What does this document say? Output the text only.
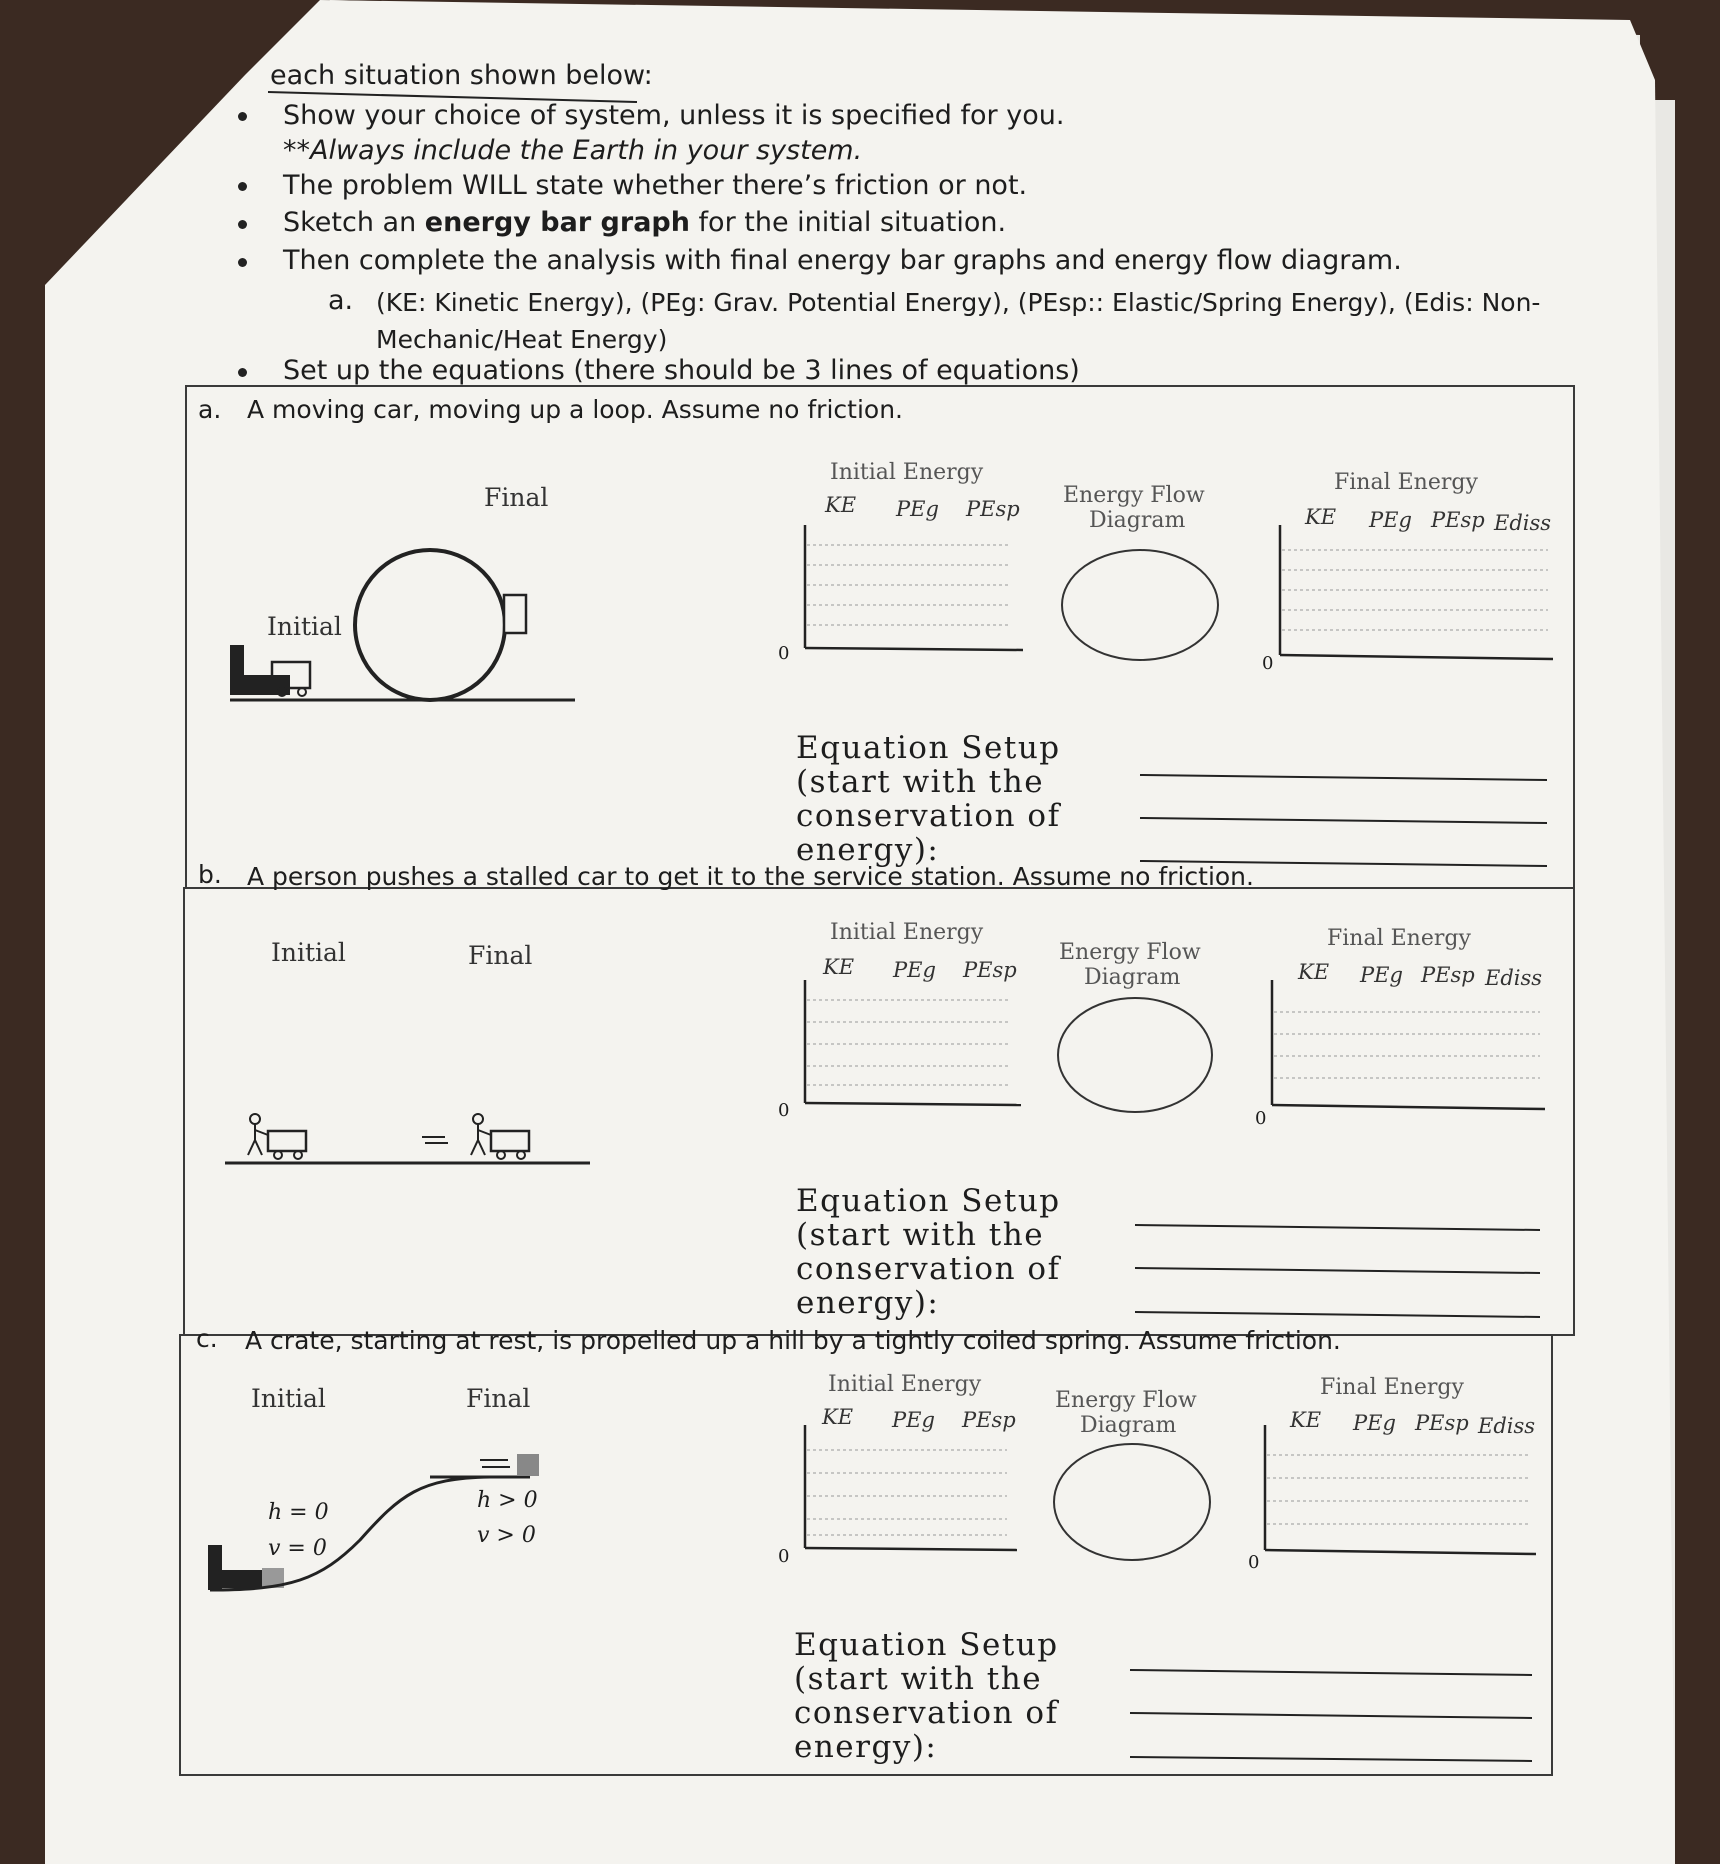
each situation shown below:
Show your choice of system, unless it is specified for you.
**Always include the Earth in your system.
The problem WILL state whether there’s friction or not.
Sketch an energy bar graph for the initial situation.
Then complete the analysis with final energy bar graphs and energy flow diagram.
a. (KE: Kinetic Energy), (PEg: Grav. Potential Energy), (PEsp:: Elastic/Spring Energy), (Edis: Non-
Mechanic/Heat Energy)
Set up the equations (there should be 3 lines of equations)
a. A moving car, moving up a loop. Assume no friction.
Final
Initial
Initial Energy
KE PEg PEsp
0
Energy Flow
Diagram
Final Energy
KE PEg PEsp Ediss
0
Equation Setup
(start with the
conservation of
energy):
b. A person pushes a stalled car to get it to the service station. Assume no friction.
Initial	Final
Initial Energy
KE PEg PEsp
0
Energy Flow
Diagram
Final Energy
KE PEg PEsp Ediss
0
Equation Setup
(start with the
conservation of
energy):
c. A crate, starting at rest, is propelled up a hill by a tightly coiled spring. Assume friction.
Initial	Final
h = 0
v = 0
h > 0
v > 0
Initial Energy
KE PEg PEsp
0
Energy Flow
Diagram
Final Energy
KE PEg PEsp Ediss
0
Equation Setup
(start with the
conservation of
energy):
